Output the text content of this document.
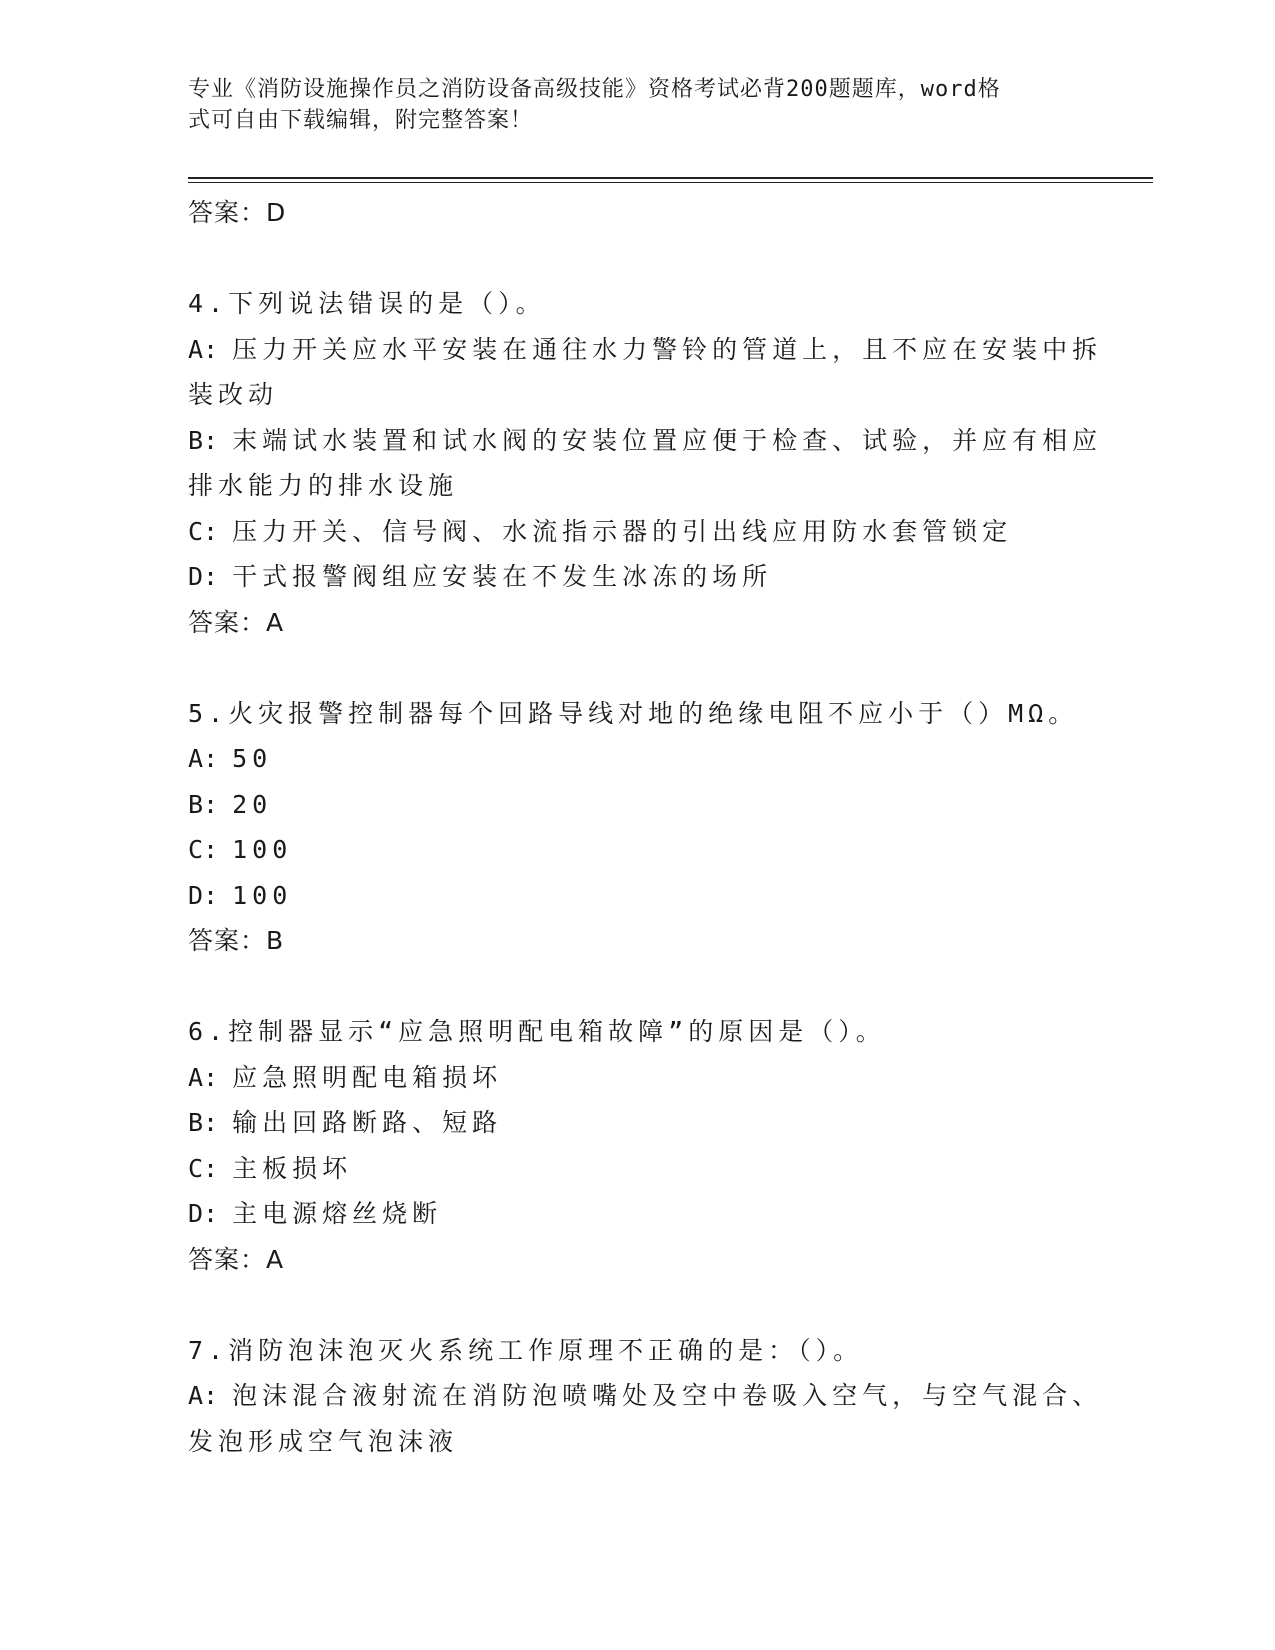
专业《消防设施操作员之消防设备高级技能》资格考试必背200题题库，word格
式可自由下载编辑，附完整答案！
答案：D
4.下列说法错误的是（）。
A: 压力开关应水平安装在通往水力警铃的管道上，且不应在安装中拆
装改动
B: 末端试水装置和试水阀的安装位置应便于检查、试验，并应有相应
排水能力的排水设施
C: 压力开关、信号阀、水流指示器的引出线应用防水套管锁定
D: 干式报警阀组应安装在不发生冰冻的场所
答案：A
5.火灾报警控制器每个回路导线对地的绝缘电阻不应小于（）MΩ。
A: 50
B: 20
C: 100
D: 100
答案：B
6.控制器显示“应急照明配电箱故障”的原因是（）。
A: 应急照明配电箱损坏
B: 输出回路断路、短路
C: 主板损坏
D: 主电源熔丝烧断
答案：A
7.消防泡沫泡灭火系统工作原理不正确的是：（）。
A: 泡沫混合液射流在消防泡喷嘴处及空中卷吸入空气，与空气混合、
发泡形成空气泡沫液
